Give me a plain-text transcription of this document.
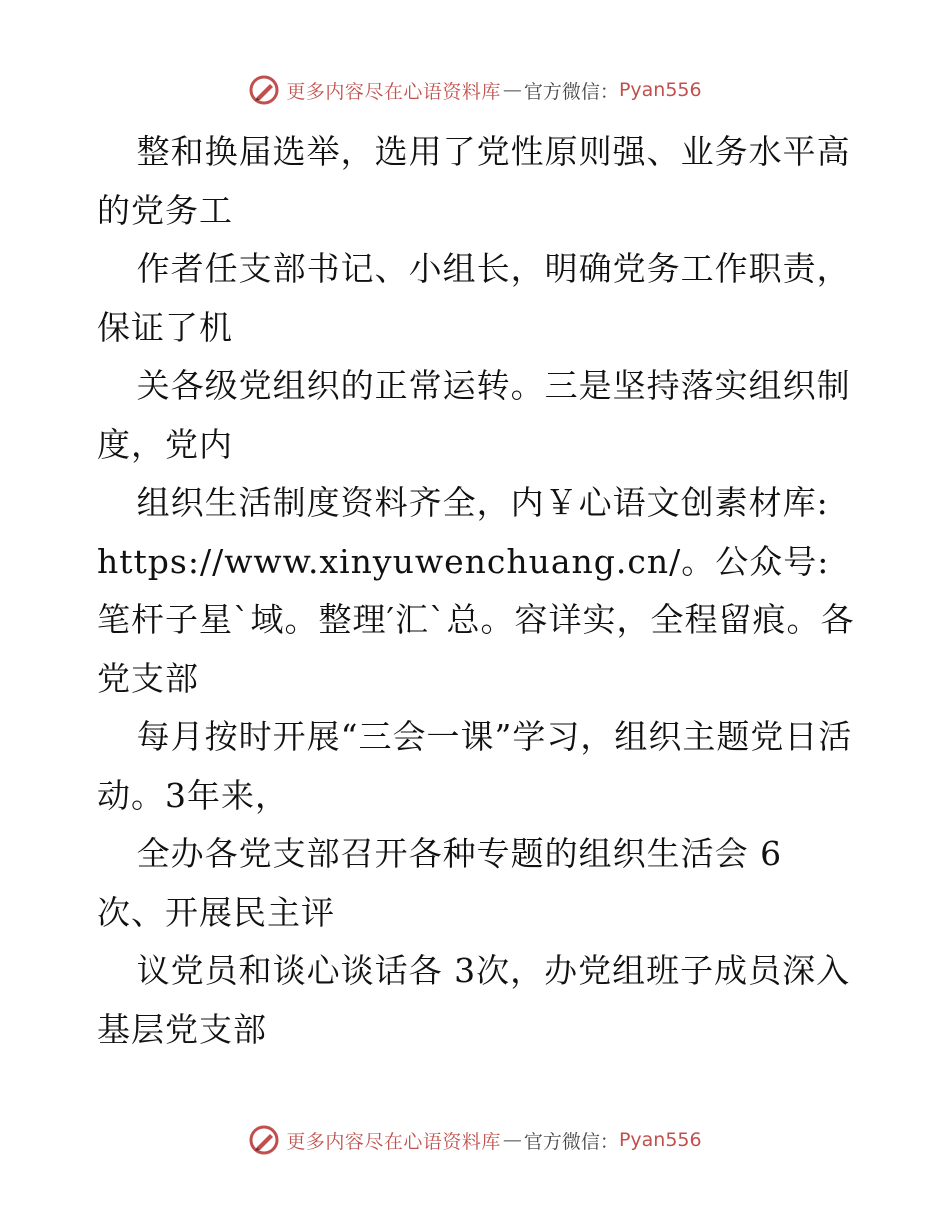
更多内容尽在心语资料库 — 官方微信： Pyan556

整和换届选举，选用了党性原则强、业务水平高的党务工

作者任支部书记、小组长，明确党务工作职责，保证了机

关各级党组织的正常运转。三是坚持落实组织制度，党内

组织生活制度资料齐全，内￥心语文创素材库: https://www.xinyuwenchuang.cn/。公众号: 笔杆子星`域。整理′汇`总。容详实，全程留痕。各党支部

每月按时开展“三会一课”学习，组织主题党日活动。3年来，

全办各党支部召开各种专题的组织生活会 6 次、开展民主评

议党员和谈心谈话各 3次，办党组班子成员深入基层党支部

更多内容尽在心语资料库 — 官方微信： Pyan556
